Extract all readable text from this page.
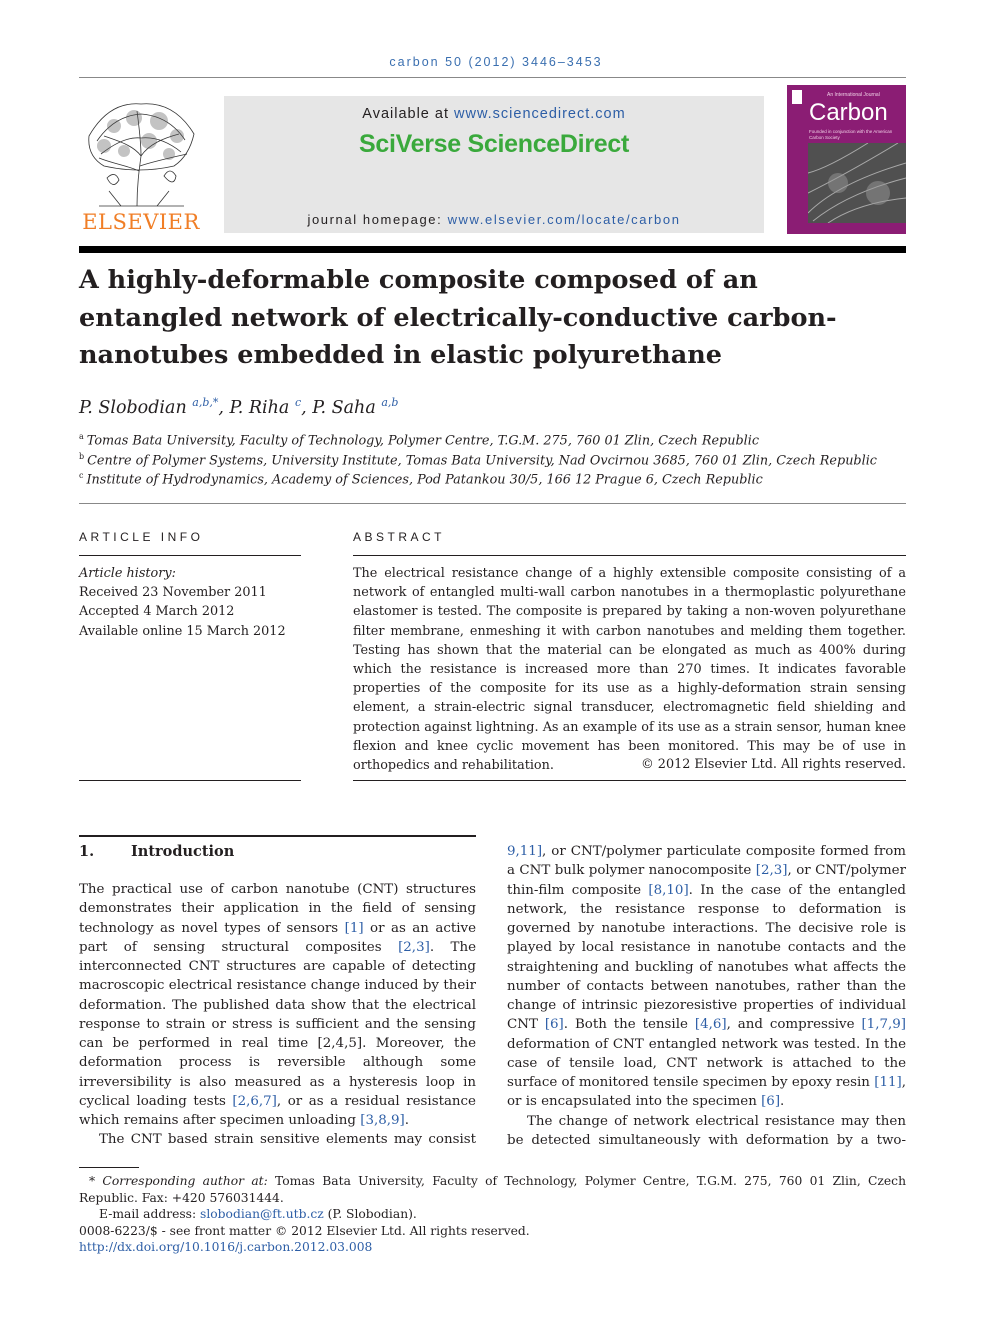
carbon 50 (2012) 3446–3453
ELSEVIER
Available at www.sciencedirect.com
SciVerse ScienceDirect
journal homepage: www.elsevier.com/locate/carbon
An International Journal
Carbon
Founded in conjunction with the American Carbon Society
A highly-deformable composite composed of an entangled network of electrically-conductive carbon-nanotubes embedded in elastic polyurethane
P. Slobodian $^{a,b,*}$, P. Riha $^c$, P. Saha $^{a,b}$
$^a$ Tomas Bata University, Faculty of Technology, Polymer Centre, T.G.M. 275, 760 01 Zlin, Czech Republic
$^b$ Centre of Polymer Systems, University Institute, Tomas Bata University, Nad Ovcirnou 3685, 760 01 Zlin, Czech Republic
$^c$ Institute of Hydrodynamics, Academy of Sciences, Pod Patankou 30/5, 166 12 Prague 6, Czech Republic
ARTICLE INFO
Article history:
Received 23 November 2011
Accepted 4 March 2012
Available online 15 March 2012
ABSTRACT
The electrical resistance change of a highly extensible composite consisting of a network of entangled multi-wall carbon nanotubes in a thermoplastic polyurethane elastomer is tested. The composite is prepared by taking a non-woven polyurethane filter membrane, enmeshing it with carbon nanotubes and melding them together. Testing has shown that the material can be elongated as much as 400% during which the resistance is increased more than 270 times. It indicates favorable properties of the composite for its use as a highly-deformation strain sensing element, a strain-electric signal transducer, electromagnetic field shielding and protection against lightning. As an example of its use as a strain sensor, human knee flexion and knee cyclic movement has been monitored. This may be of use in orthopedics and rehabilitation.	© 2012 Elsevier Ltd. All rights reserved.
1.	Introduction

The practical use of carbon nanotube (CNT) structures demonstrates their application in the field of sensing technology as novel types of sensors [1] or as an active part of sensing structural composites [2,3]. The interconnected CNT structures are capable of detecting macroscopic electrical resistance change induced by their deformation. The published data show that the electrical response to strain or stress is sufficient and the sensing can be performed in real time [2,4,5]. Moreover, the deformation process is reversible although some irreversibility is also measured as a hysteresis loop in cyclical loading tests [2,6,7], or as a residual resistance which remains after specimen unloading [3,8,9].

The CNT based strain sensitive elements may consist

9,11], or CNT/polymer particulate composite formed from a CNT bulk polymer nanocomposite [2,3], or CNT/polymer thin-film composite [8,10]. In the case of the entangled network, the resistance response to deformation is governed by nanotube interactions. The decisive role is played by local resistance in nanotube contacts and the straightening and buckling of nanotubes what affects the number of contacts between nanotubes, rather than the change of intrinsic piezoresistive properties of individual CNT [6]. Both the tensile [4,6], and compressive [1,7,9] deformation of CNT entangled network was tested. In the case of tensile load, CNT network is attached to the surface of monitored tensile specimen by epoxy resin [11], or is encapsulated into the specimen [6].

The change of network electrical resistance may then be detected simultaneously with deformation by a two-

* Corresponding author at: Tomas Bata University, Faculty of Technology, Polymer Centre, T.G.M. 275, 760 01 Zlin, Czech Republic. Fax: +420 576031444.
E-mail address: slobodian@ft.utb.cz (P. Slobodian).
0008-6223/$ - see front matter © 2012 Elsevier Ltd. All rights reserved.
http://dx.doi.org/10.1016/j.carbon.2012.03.008
